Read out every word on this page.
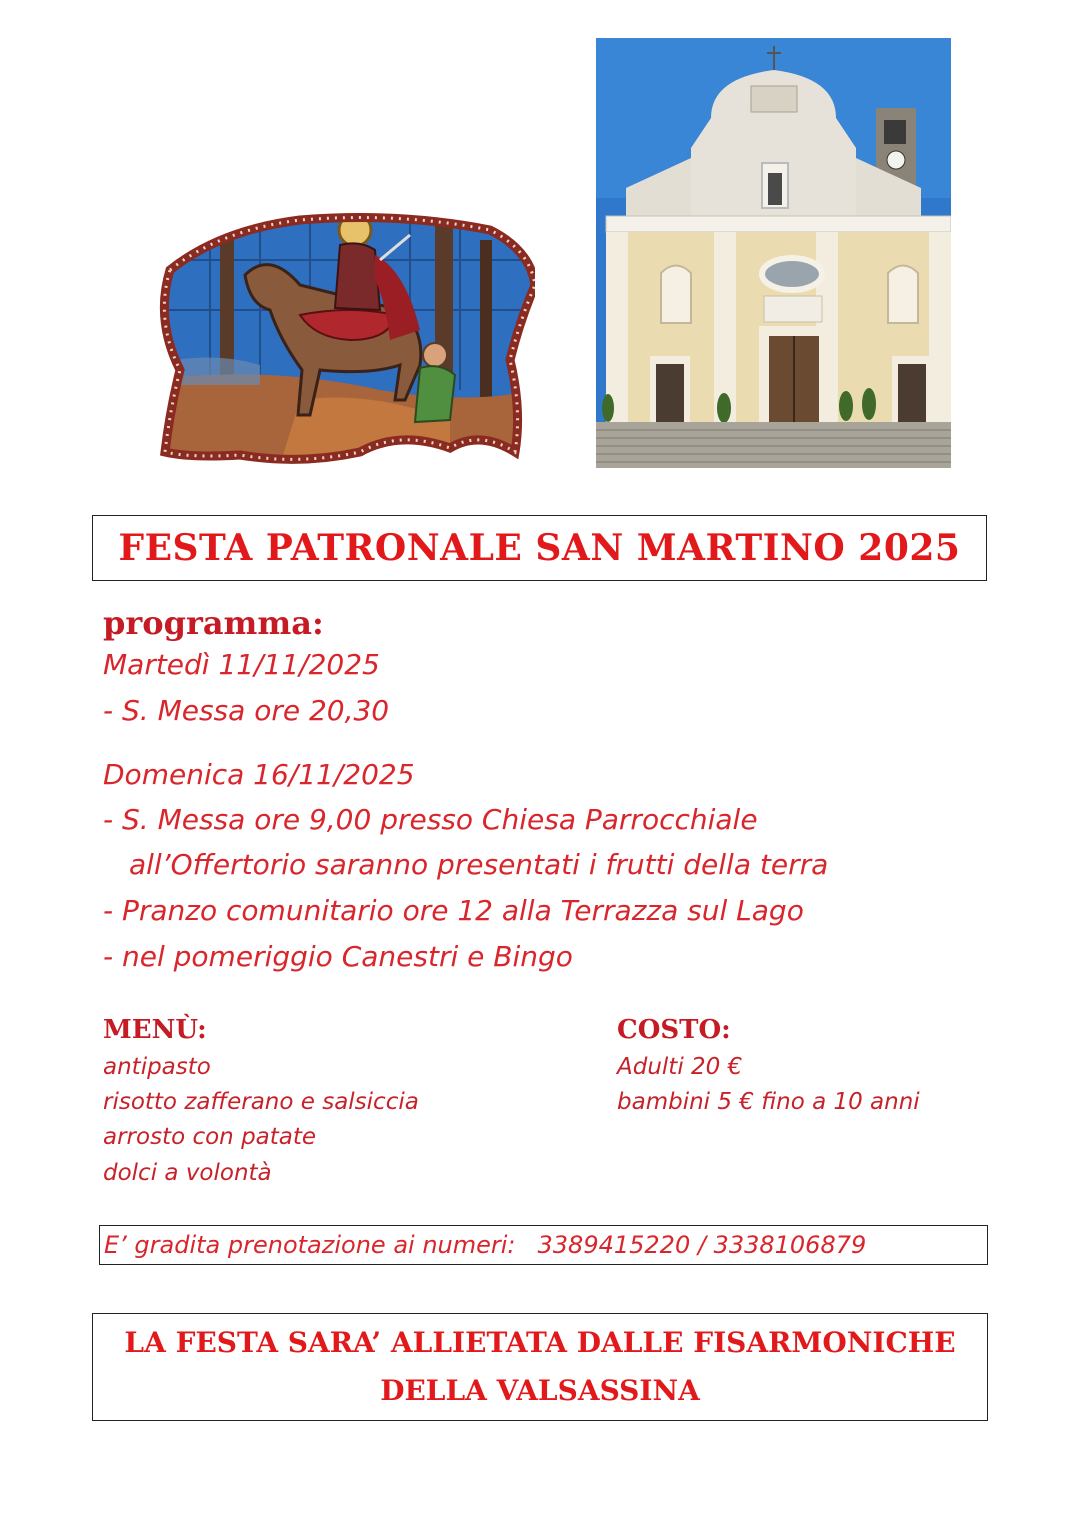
FESTA PATRONALE SAN MARTINO 2025
programma:
Martedì 11/11/2025
- S. Messa ore 20,30
Domenica 16/11/2025
- S. Messa ore 9,00 presso Chiesa Parrocchiale
all’Offertorio saranno presentati i frutti della terra
- Pranzo comunitario ore 12 alla Terrazza sul Lago
- nel pomeriggio Canestri e Bingo
MENÙ:
antipasto
risotto zafferano e salsiccia
arrosto con patate
dolci a volontà
COSTO:
Adulti 20 €
bambini 5 € fino a 10 anni
E’ gradita prenotazione ai numeri: 3389415220 / 3338106879
LA FESTA SARA’ ALLIETATA DALLE FISARMONICHE
DELLA VALSASSINA
